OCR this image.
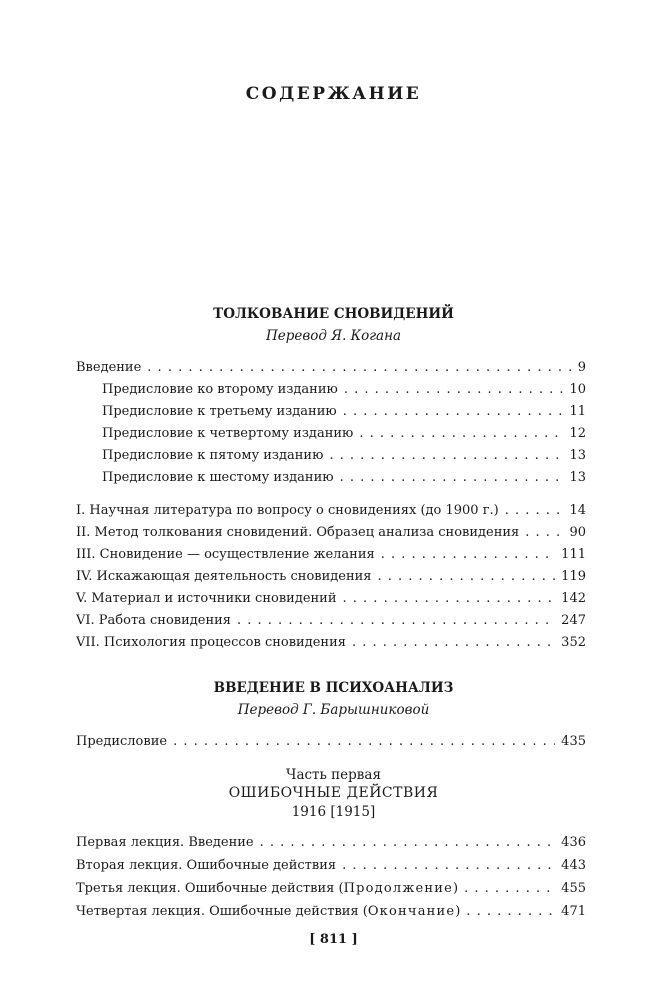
СОДЕРЖАНИЕ
ТОЛКОВАНИЕ СНОВИДЕНИЙ
Перевод Я. Когана
Введение . . .	9
Предисловие ко второму изданию . . .	10
Предисловие к третьему изданию . . .	11
Предисловие к четвертому изданию . . .	12
Предисловие к пятому изданию . . .	13
Предисловие к шестому изданию . . .	13
I. Научная литература по вопросу о сновидениях (до 1900 г.) . . .	14
II. Метод толкования сновидений. Образец анализа сновидения . . .	90
III. Сновидение — осуществление желания . . .	111
IV. Искажающая деятельность сновидения . . .	119
V. Материал и источники сновидений . . .	142
VI. Работа сновидения . . .	247
VII. Психология процессов сновидения . . .	352
ВВЕДЕНИЕ В ПСИХОАНАЛИЗ
Перевод Г. Барышниковой
Предисловие . . .	435
Часть первая
ОШИБОЧНЫЕ ДЕЙСТВИЯ
1916 [1915]
Первая лекция. Введение . . .	436
Вторая лекция. Ошибочные действия . . .	443
Третья лекция. Ошибочные действия (Продолжение) . . .	455
Четвертая лекция. Ошибочные действия (Окончание) . . .	471
[ 811 ]
